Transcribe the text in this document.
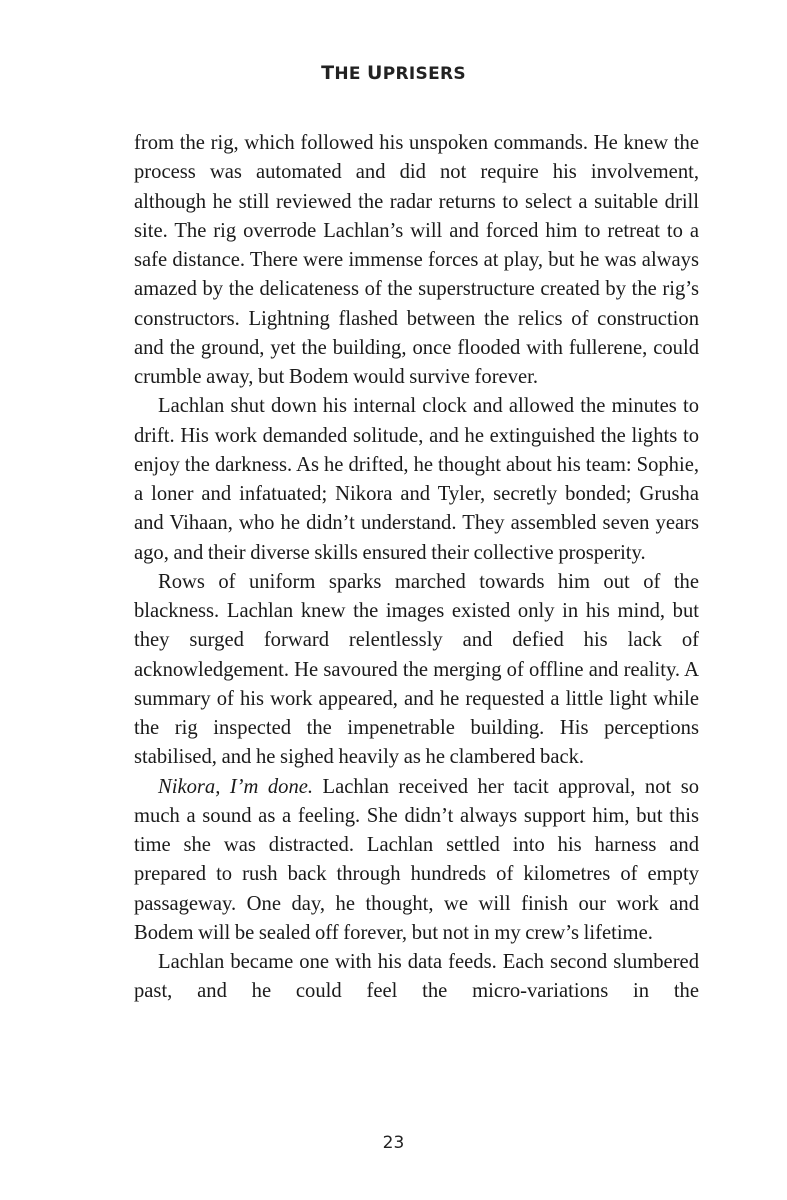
THE UPRISERS

from the rig, which followed his unspoken commands. He knew the process was automated and did not require his involvement, although he still reviewed the radar returns to select a suitable drill site. The rig overrode Lachlan’s will and forced him to retreat to a safe distance. There were immense forces at play, but he was always amazed by the delicateness of the superstructure created by the rig’s constructors. Lightning flashed between the relics of construction and the ground, yet the building, once flooded with fullerene, could crumble away, but Bodem would survive forever.

Lachlan shut down his internal clock and allowed the minutes to drift. His work demanded solitude, and he extinguished the lights to enjoy the darkness. As he drifted, he thought about his team: Sophie, a loner and infatuated; Nikora and Tyler, secretly bonded; Grusha and Vihaan, who he didn’t understand. They assembled seven years ago, and their diverse skills ensured their collective prosperity.

Rows of uniform sparks marched towards him out of the blackness. Lachlan knew the images existed only in his mind, but they surged forward relentlessly and defied his lack of acknowledgement. He savoured the merging of offline and reality. A summary of his work appeared, and he requested a little light while the rig inspected the impenetrable building. His perceptions stabilised, and he sighed heavily as he clambered back.

Nikora, I’m done. Lachlan received her tacit approval, not so much a sound as a feeling. She didn’t always support him, but this time she was distracted. Lachlan settled into his harness and prepared to rush back through hundreds of kilometres of empty passageway. One day, he thought, we will finish our work and Bodem will be sealed off forever, but not in my crew’s lifetime.

Lachlan became one with his data feeds. Each second slumbered past, and he could feel the micro-variations in the

23
